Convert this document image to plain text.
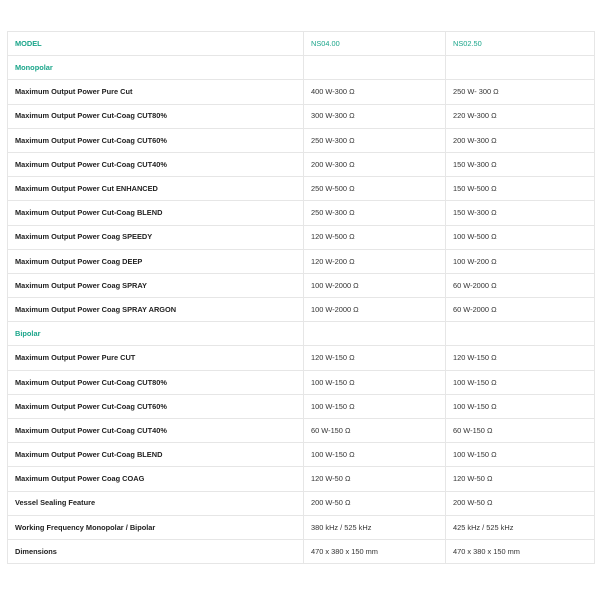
MODEL	NS04.00	NS02.50
Monopolar		
Maximum Output Power Pure Cut	400 W-300 Ω	250 W- 300 Ω
Maximum Output Power Cut-Coag CUT80%	300 W-300 Ω	220 W-300 Ω
Maximum Output Power Cut-Coag CUT60%	250 W-300 Ω	200 W-300 Ω
Maximum Output Power Cut-Coag CUT40%	200 W-300 Ω	150 W-300 Ω
Maximum Output Power Cut ENHANCED	250 W-500 Ω	150 W-500 Ω
Maximum Output Power Cut-Coag BLEND	250 W-300 Ω	150 W-300 Ω
Maximum Output Power Coag SPEEDY	120 W-500 Ω	100 W-500 Ω
Maximum Output Power Coag DEEP	120 W-200 Ω	100 W-200 Ω
Maximum Output Power Coag SPRAY	100 W-2000 Ω	60 W-2000 Ω
Maximum Output Power Coag SPRAY ARGON	100 W-2000 Ω	60 W-2000 Ω
Bipolar		
Maximum Output Power Pure CUT	120 W-150 Ω	120 W-150 Ω
Maximum Output Power Cut-Coag CUT80%	100 W-150 Ω	100 W-150 Ω
Maximum Output Power Cut-Coag CUT60%	100 W-150 Ω	100 W-150 Ω
Maximum Output Power Cut-Coag CUT40%	60 W-150 Ω	60 W-150 Ω
Maximum Output Power Cut-Coag BLEND	100 W-150 Ω	100 W-150 Ω
Maximum Output Power Coag COAG	120 W-50 Ω	120 W-50 Ω
Vessel Sealing Feature	200 W-50 Ω	200 W-50 Ω
Working Frequency Monopolar / Bipolar	380 kHz / 525 kHz	425 kHz / 525 kHz
Dimensions	470 x 380 x 150 mm	470 x 380 x 150 mm
